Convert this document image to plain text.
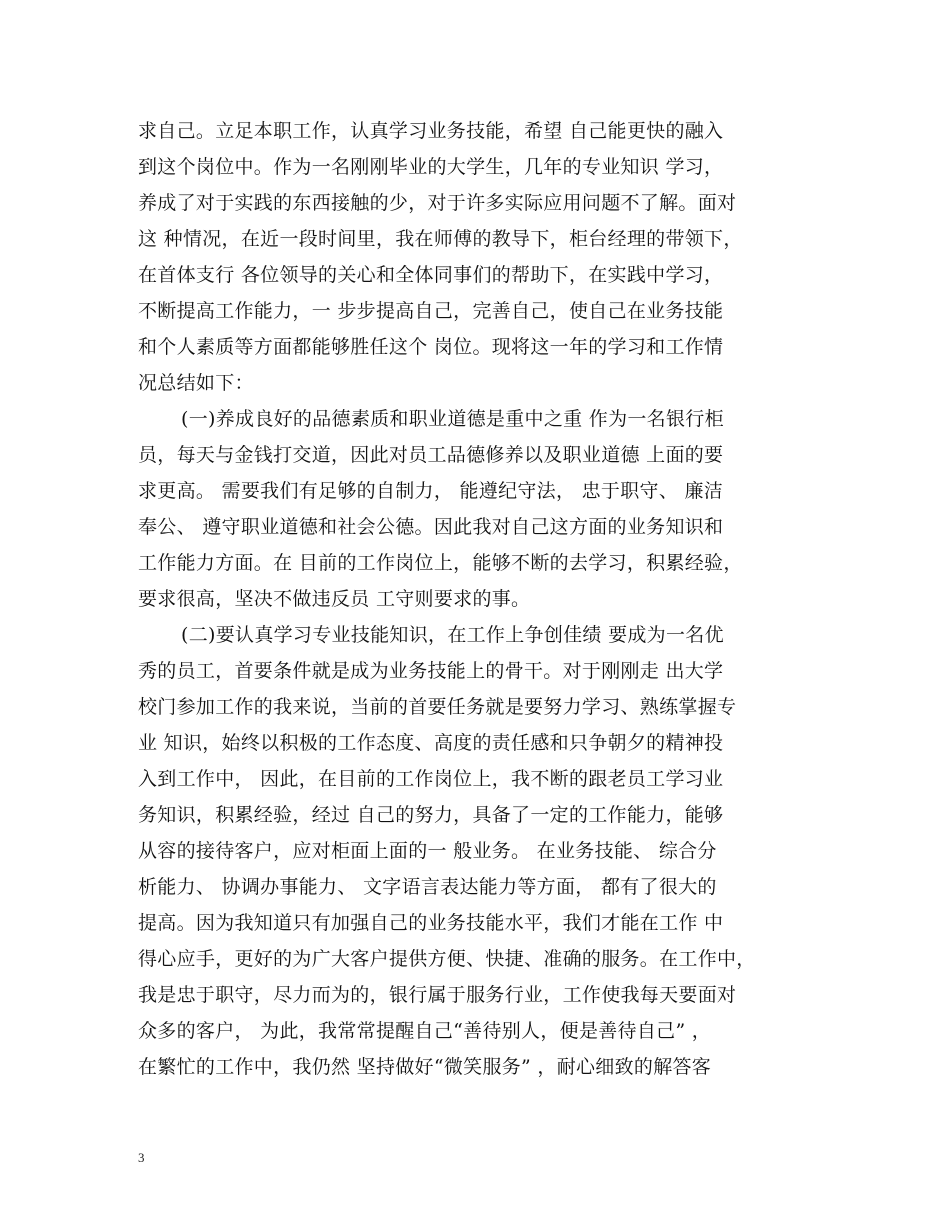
求自己。立足本职工作，认真学习业务技能，希望 自己能更快的融入
到这个岗位中。作为一名刚刚毕业的大学生，几年的专业知识 学习，
养成了对于实践的东西接触的少，对于许多实际应用问题不了解。面对
这 种情况，在近一段时间里，我在师傅的教导下，柜台经理的带领下，
在首体支行 各位领导的关心和全体同事们的帮助下，在实践中学习，
不断提高工作能力，一 步步提高自己，完善自己，使自己在业务技能
和个人素质等方面都能够胜任这个 岗位。现将这一年的学习和工作情
况总结如下：
(一)养成良好的品德素质和职业道德是重中之重 作为一名银行柜
员，每天与金钱打交道，因此对员工品德修养以及职业道德 上面的要
求更高。 需要我们有足够的自制力， 能遵纪守法， 忠于职守、 廉洁
奉公、 遵守职业道德和社会公德。因此我对自己这方面的业务知识和
工作能力方面。在 目前的工作岗位上，能够不断的去学习，积累经验，
要求很高，坚决不做违反员 工守则要求的事。
(二)要认真学习专业技能知识，在工作上争创佳绩 要成为一名优
秀的员工，首要条件就是成为业务技能上的骨干。对于刚刚走 出大学
校门参加工作的我来说，当前的首要任务就是要努力学习、熟练掌握专
业 知识，始终以积极的工作态度、高度的责任感和只争朝夕的精神投
入到工作中， 因此，在目前的工作岗位上，我不断的跟老员工学习业
务知识，积累经验，经过 自己的努力，具备了一定的工作能力，能够
从容的接待客户，应对柜面上面的一 般业务。 在业务技能、 综合分
析能力、 协调办事能力、 文字语言表达能力等方面， 都有了很大的
提高。因为我知道只有加强自己的业务技能水平，我们才能在工作 中
得心应手，更好的为广大客户提供方便、快捷、准确的服务。在工作中，
我是忠于职守，尽力而为的，银行属于服务行业，工作使我每天要面对
众多的客户， 为此，我常常提醒自己“善待别人，便是善待自己” ，
在繁忙的工作中，我仍然 坚持做好“微笑服务” ，耐心细致的解答客
3
